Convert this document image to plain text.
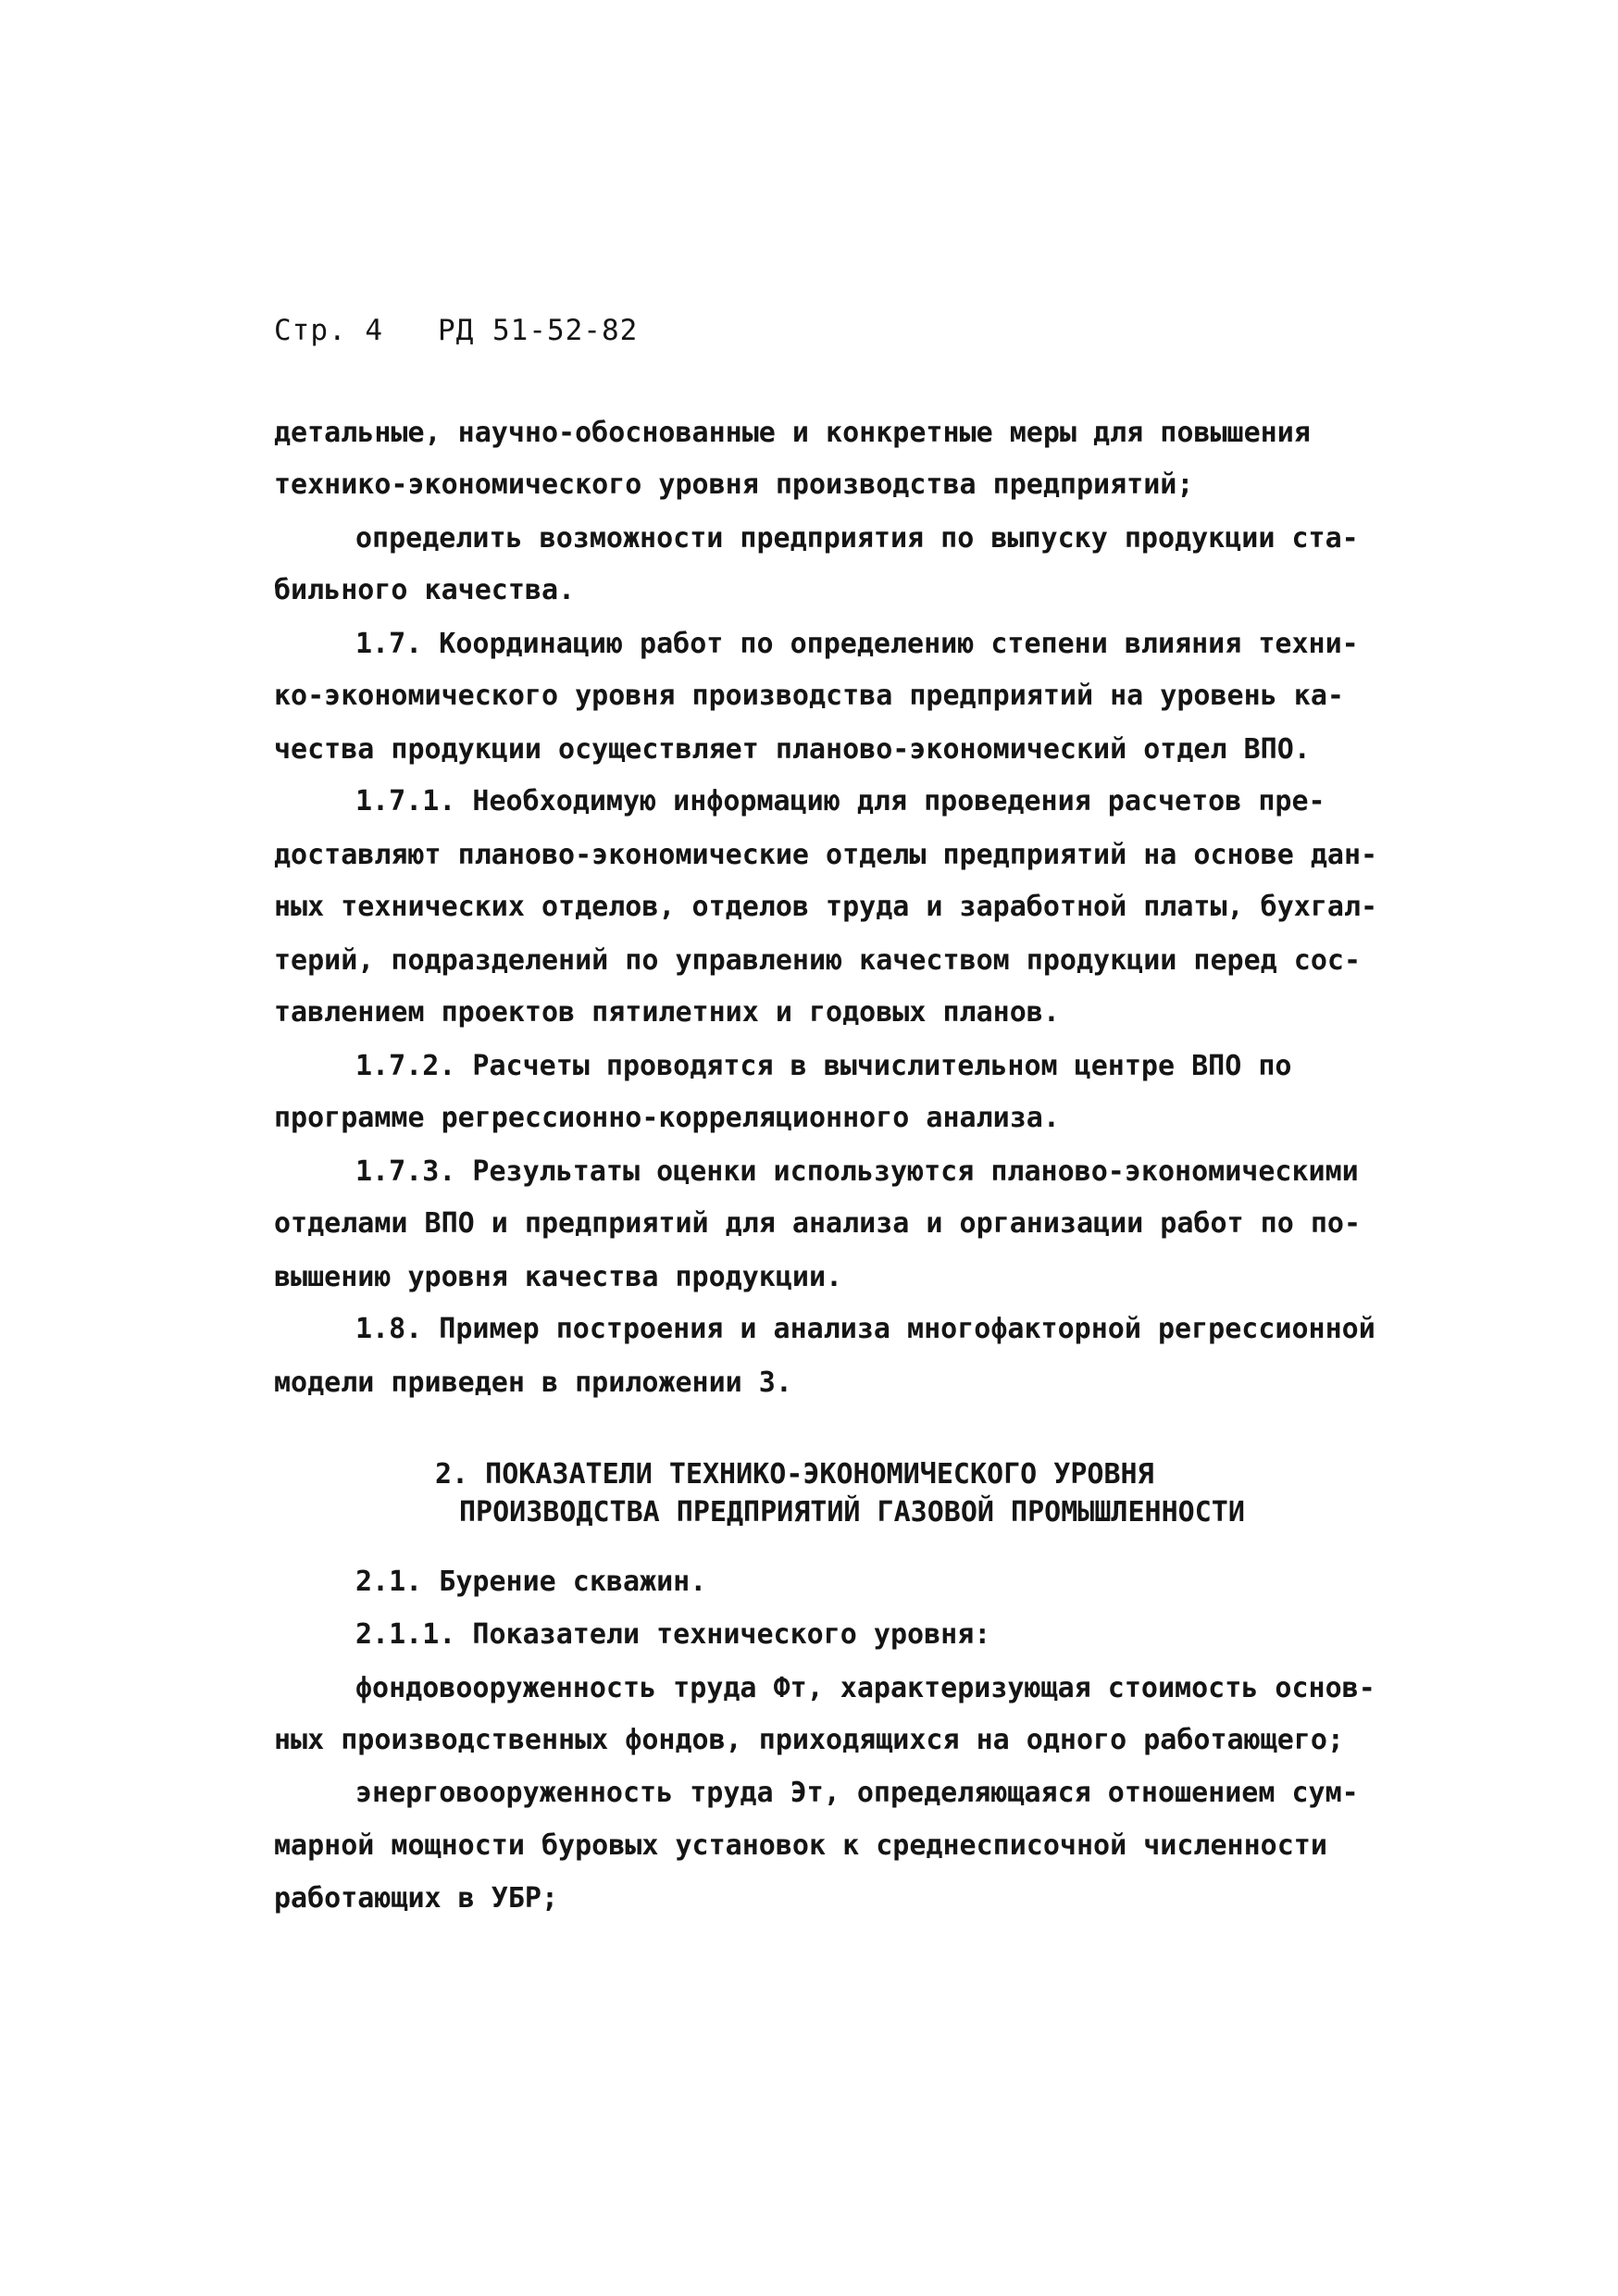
Стр. 4 РД 51-52-82
детальные, научно-обоснованные и конкретные меры для повышения
технико-экономического уровня производства предприятий;
определить возможности предприятия по выпуску продукции ста-
бильного качества.
1.7. Координацию работ по определению степени влияния техни-
ко-экономического уровня производства предприятий на уровень ка-
чества продукции осуществляет планово-экономический отдел ВПО.
1.7.1. Необходимую информацию для проведения расчетов пре-
доставляют планово-экономические отделы предприятий на основе дан-
ных технических отделов, отделов труда и заработной платы, бухгал-
терий, подразделений по управлению качеством продукции перед сос-
тавлением проектов пятилетних и годовых планов.
1.7.2. Расчеты проводятся в вычислительном центре ВПО по
программе регрессионно-корреляционного анализа.
1.7.3. Результаты оценки используются планово-экономическими
отделами ВПО и предприятий для анализа и организации работ по по-
вышению уровня качества продукции.
1.8. Пример построения и анализа многофакторной регрессионной
модели приведен в приложении 3.
2. ПОКАЗАТЕЛИ ТЕХНИКО-ЭКОНОМИЧЕСКОГО УРОВНЯ
ПРОИЗВОДСТВА ПРЕДПРИЯТИЙ ГАЗОВОЙ ПРОМЫШЛЕННОСТИ
2.1. Бурение скважин.
2.1.1. Показатели технического уровня:
фондовооруженность труда Фт, характеризующая стоимость основ-
ных производственных фондов, приходящихся на одного работающего;
энерговооруженность труда Эт, определяющаяся отношением сум-
марной мощности буровых установок к среднесписочной численности
работающих в УБР;
